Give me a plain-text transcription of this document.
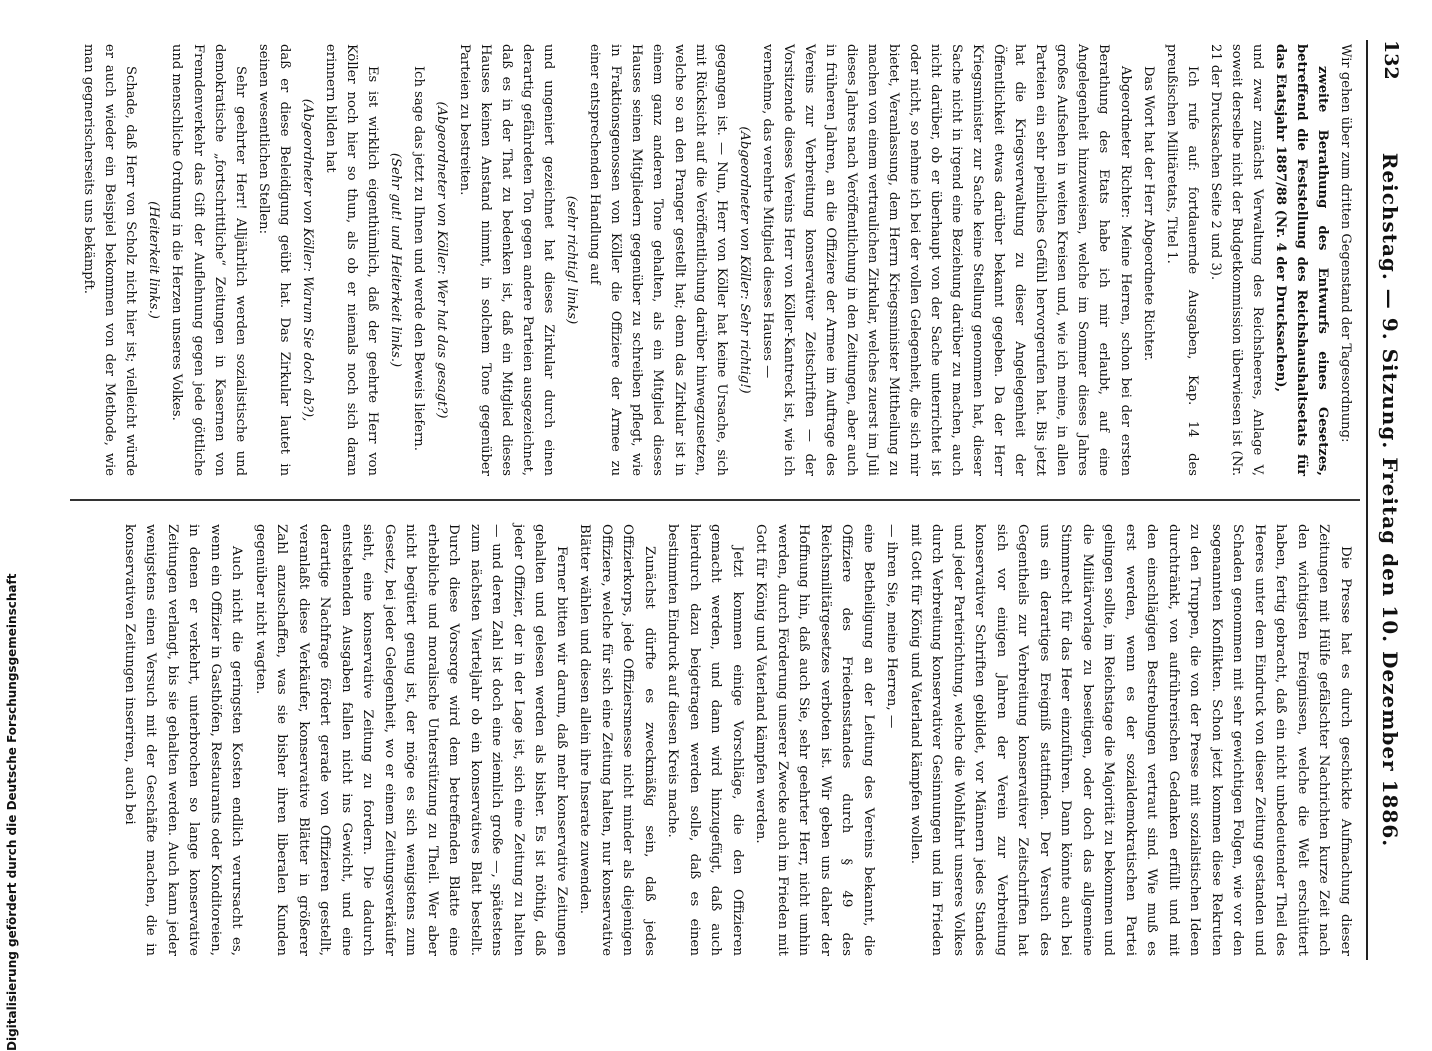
132
Reichstag. — 9. Sitzung. Freitag den 10. Dezember 1886.

Wir gehen über zum dritten Gegenstand der Tagesordnung:

zweite Berathung des Entwurfs eines Gesetzes, betreffend die Feststellung des Reichshaushaltsetats für das Etatsjahr 1887/88 (Nr. 4 der Drucksachen),

und zwar zunächst Verwaltung des Reichsheeres, Anlage V, soweit derselbe nicht der Budgetkommission überwiesen ist (Nr. 21 der Drucksachen Seite 2 und 3).

Ich rufe auf: fortdauernde Ausgaben, Kap. 14 des preußischen Militäretats, Titel 1.

Das Wort hat der Herr Abgeordnete Richter.

Abgeordneter Richter: Meine Herren, schon bei der ersten Berathung des Etats habe ich mir erlaubt, auf eine Angelegenheit hinzuweisen, welche im Sommer dieses Jahres großes Aufsehen in weiten Kreisen und, wie ich meine, in allen Parteien ein sehr peinliches Gefühl hervorgerufen hat. Bis jetzt hat die Kriegsverwaltung zu dieser Angelegenheit der Öffentlichkeit etwas darüber bekannt gegeben. Da der Herr Kriegsminister zur Sache keine Stellung genommen hat, dieser Sache nicht in irgend eine Beziehung darüber zu machen, auch nicht darüber, ob er überhaupt von der Sache unterrichtet ist oder nicht, so nehme ich bei der vollen Gelegenheit, die sich mir bietet, Veranlassung, dem Herrn Kriegsminister Mittheilung zu machen von einem vertraulichen Zirkular, welches zuerst im Juli dieses Jahres nach Veröffentlichung in den Zeitungen, aber auch in früheren Jahren, an die Offiziere der Armee im Auftrage des Vereins zur Verbreitung konservativer Zeitschriften — der Vorsitzende dieses Vereins Herr von Köller-Kantreck ist, wie ich vernehme, das verehrte Mitglied dieses Hauses —

(Abgeordneter von Köller: Sehr richtig!)

gegangen ist. — Nun, Herr von Köller hat keine Ursache, sich mit Rücksicht auf die Veröffentlichung darüber hinwegzusetzen, welche so an den Pranger gestellt hat; denn das Zirkular ist in einem ganz anderen Tone gehalten, als ein Mitglied dieses Hauses seinen Mitgliedern gegenüber zu schreiben pflegt, wie in Fraktionsgenossen von Köller die Offiziere der Armee zu einer entsprechenden Handlung auf

(sehr richtig! links)

und ungeniert gezeichnet hat dieses Zirkular durch einen derartig gefährdeten Ton gegen andere Parteien ausgezeichnet, daß es in der That zu bedenken ist, daß ein Mitglied dieses Hauses keinen Anstand nimmt, in solchem Tone gegenüber Parteien zu bestreiten.

(Abgeordneter von Köller: Wer hat das gesagt?)

Ich sage das jetzt zu Ihnen und werde den Beweis liefern.

(Sehr gut! und Heiterkeit links.)

Es ist wirklich eigenthümlich, daß der geehrte Herr von Köller noch hier so thun, als ob er niemals noch sich daran erinnern bilden hat

(Abgeordneter von Köller: Warum Sie doch ab?),

daß er diese Beleidigung geübt hat. Das Zirkular lautet in seinen wesentlichen Stellen:

Sehr geehrter Herr! Alljährlich werden sozialistische und demokratische „fortschrittliche“ Zeitungen in Kasernen von Fremdenverkehr das Gift der Auflehnung gegen jede göttliche und menschliche Ordnung in die Herzen unseres Volkes.

(Heiterkeit links.)

Schade, daß Herr von Scholz nicht hier ist; vielleicht würde er auch wieder ein Beispiel bekommen von der Methode, wie man gegnerischerseits uns bekämpft.

Die Presse hat es durch geschickte Aufmachung dieser Zeitungen mit Hülfe gefälschter Nachrichten kurze Zeit nach den wichtigsten Ereignissen, welche die Welt erschüttert haben, fertig gebracht, daß ein nicht unbedeutender Theil des Heeres unter dem Eindruck von dieser Zeitung gestanden und Schaden genommen mit sehr gewichtigen Folgen, wie vor den sogenannten Konflikten. Schon jetzt kommen diese Rekruten zu den Truppen, die von der Presse mit sozialistischen Ideen durchtränkt, von aufrührerischen Gedanken erfüllt und mit den einschlägigen Bestrebungen vertraut sind. Wie muß es erst werden, wenn es der sozialdemokratischen Partei gelingen sollte, im Reichstage die Majorität zu bekommen und die Militärvorlage zu beseitigen, oder doch das allgemeine Stimmrecht für das Heer einzuführen. Dann könnte auch bei uns ein derartiges Ereigniß stattfinden. Der Versuch des Gegentheils zur Verbreitung konservativer Zeitschriften hat sich vor einigen Jahren der Verein zur Verbreitung konservativer Schriften gebildet, vor Männern jedes Standes und jeder Parteirichtung, welche die Wohlfahrt unseres Volkes durch Verbreitung konservativer Gesinnungen und im Frieden mit Gott für König und Vaterland kämpfen wollen.

— ihren Sie, meine Herren, —

eine Betheiligung an der Leitung des Vereins bekannt, die Offiziere des Friedensstandes durch § 49 des Reichsmilitärgesetzes verboten ist. Wir geben uns daher der Hoffnung hin, daß auch Sie, sehr geehrter Herr, nicht umhin werden, durch Förderung unserer Zwecke auch im Frieden mit Gott für König und Vaterland kämpfen werden.

Jetzt kommen einige Vorschläge, die den Offizieren gemacht werden, und dann wird hinzugefügt, daß auch hierdurch dazu beigetragen werden solle, daß es einen bestimmten Eindruck auf diesen Kreis mache.

Zunächst dürfte es zweckmäßig sein, daß jedes Offizierkorps, jede Offiziersmesse nicht minder als diejenigen Offiziere, welche für sich eine Zeitung halten, nur konservative Blätter wählen und diesen allein ihre Inserate zuwenden.

Ferner bitten wir darum, daß mehr konservative Zeitungen gehalten und gelesen werden als bisher. Es ist nöthig, daß jeder Offizier, der in der Lage ist, sich eine Zeitung zu halten — und deren Zahl ist doch eine ziemlich große —, spätestens zum nächsten Vierteljahr ob ein konservatives Blatt bestellt. Durch diese Vorsorge wird dem betreffenden Blatte eine erhebliche und moralische Unterstützung zu Theil. Wer aber nicht begütert genug ist, der möge es sich wenigstens zum Gesetz, bei jeder Gelegenheit, wo er einem Zeitungsverkäufer sieht, eine konservative Zeitung zu fordern. Die dadurch entstehenden Ausgaben fallen nicht ins Gewicht, und eine derartige Nachfrage fördert gerade von Offizieren gestellt, veranlaßt diese Verkäufer, konservative Blätter in größerer Zahl anzuschaffen, was sie bisher ihren liberalen Kunden gegenüber nicht wagten.

Auch nicht die geringsten Kosten endlich verursacht es, wenn ein Offizier in Gasthöfen, Restaurants oder Konditoreien, in denen er verkehrt, unterbrochen so lange konservative Zeitungen verlangt, bis sie gehalten werden. Auch kann jeder wenigstens einen Versuch mit der Geschäfte machen, die in konservativen Zeitungen inseriren, auch bei

Digitalisierung gefördert durch die Deutsche Forschungsgemeinschaft
